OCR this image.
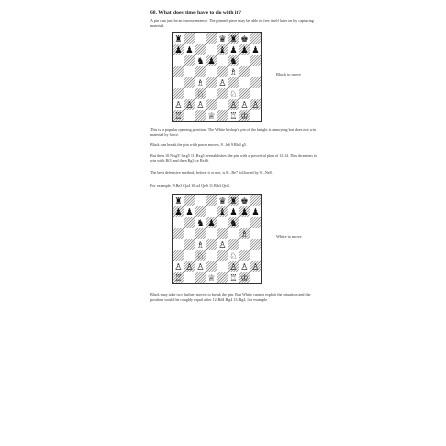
68. What does time have to do with it?
A pin can just be an inconvenience. The pinned piece may be able to free itself later on by capturing material.
♜	♛ ♜ ♚
♟ ♟	♝ ♟ ♟ ♟
♞ ♟ ♞
♗
♗ ♙
♘	♘
♙ ♙ ♙	♙ ♙ ♙
♖	♕ ♖ ♔
Black to move
This is a popular opening position. The White bishop's pin of the knight is annoying but does not win material by force.
Black can break the pin with pawn moves, 8...h6 9.Bh4 g5.
But then 10.Nxg5! hxg5 11.Bxg5 reestablishes the pin with a powerful plan of 12.f4. This threatens to win with Rf3 and then Rg3 or Bxf6.
The best defensive method, before it or not, is 8...Be7 followed by 9...Ne8.
For example, 9.Be3 Qa4 10.a4 Qe6 11.Bb4 Qe4.
♜	♛ ♜ ♚
♟ ♟	♝ ♟ ♟ ♟
♞ ♟ ♞
♗
♗ ♙
♘	♘
♙ ♙ ♙	♙ ♙ ♙
♖	♕ ♖ ♔
White to move
Black may take two further moves to break the pin. But White cannot exploit the situation and the position would be roughly equal after 12.Bd4 Bg4 13.Bg4, for example.
